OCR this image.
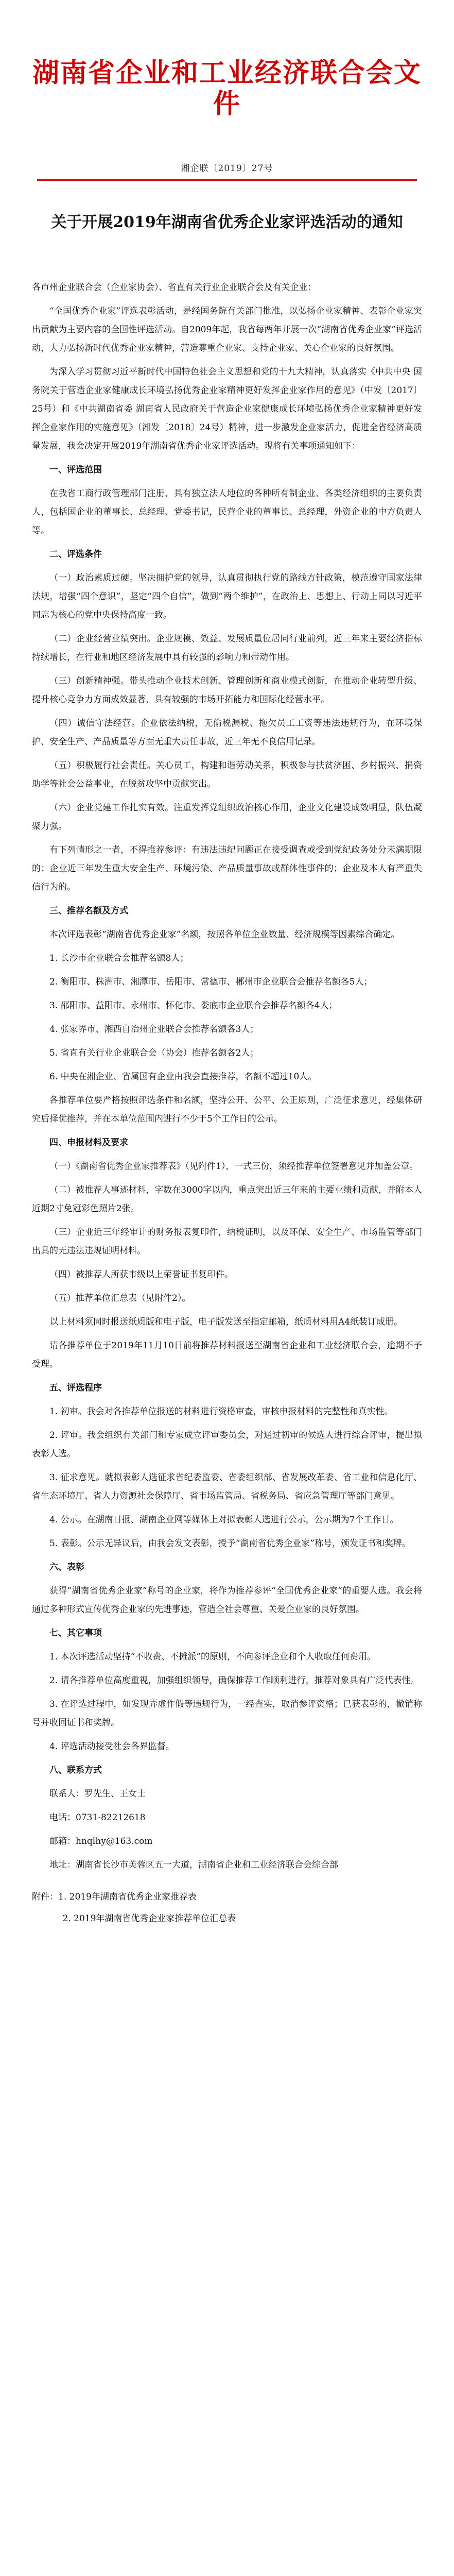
湖南省企业和工业经济联合会文件
湘企联〔2019〕27号
关于开展2019年湖南省优秀企业家评选活动的通知

各市州企业联合会（企业家协会）、省直有关行业企业联合会及有关企业：

“全国优秀企业家”评选表彰活动，是经国务院有关部门批准，以弘扬企业家精神、表彰企业家突出贡献为主要内容的全国性评选活动。自2009年起，我省每两年开展一次“湖南省优秀企业家”评选活动，大力弘扬新时代优秀企业家精神，营造尊重企业家、支持企业家、关心企业家的良好氛围。

为深入学习贯彻习近平新时代中国特色社会主义思想和党的十九大精神，认真落实《中共中央 国务院关于营造企业家健康成长环境弘扬优秀企业家精神更好发挥企业家作用的意见》（中发〔2017〕25号）和《中共湖南省委 湖南省人民政府关于营造企业家健康成长环境弘扬优秀企业家精神更好发挥企业家作用的实施意见》（湘发〔2018〕24号）精神，进一步激发企业家活力，促进全省经济高质量发展，我会决定开展2019年湖南省优秀企业家评选活动。现将有关事项通知如下：

一、评选范围

在我省工商行政管理部门注册，具有独立法人地位的各种所有制企业、各类经济组织的主要负责人，包括国企业的董事长、总经理、党委书记，民营企业的董事长、总经理，外资企业的中方负责人等。

二、评选条件

（一）政治素质过硬。坚决拥护党的领导，认真贯彻执行党的路线方针政策，模范遵守国家法律法规，增强“四个意识”，坚定“四个自信”，做到“两个维护”，在政治上、思想上、行动上同以习近平同志为核心的党中央保持高度一致。

（二）企业经营业绩突出。企业规模、效益、发展质量位居同行业前列，近三年来主要经济指标持续增长，在行业和地区经济发展中具有较强的影响力和带动作用。

（三）创新精神强。带头推动企业技术创新、管理创新和商业模式创新，在推动企业转型升级、提升核心竞争力方面成效显著，具有较强的市场开拓能力和国际化经营水平。

（四）诚信守法经营。企业依法纳税，无偷税漏税、拖欠员工工资等违法违规行为，在环境保护、安全生产、产品质量等方面无重大责任事故，近三年无不良信用记录。

（五）积极履行社会责任。关心员工，构建和谐劳动关系，积极参与扶贫济困、乡村振兴、捐资助学等社会公益事业，在脱贫攻坚中贡献突出。

（六）企业党建工作扎实有效。注重发挥党组织政治核心作用，企业文化建设成效明显，队伍凝聚力强。

有下列情形之一者，不得推荐参评：有违法违纪问题正在接受调查或受到党纪政务处分未满期限的；企业近三年发生重大安全生产、环境污染、产品质量事故或群体性事件的；企业及本人有严重失信行为的。

三、推荐名额及方式

本次评选表彰“湖南省优秀企业家”名额，按照各单位企业数量、经济规模等因素综合确定。

1. 长沙市企业联合会推荐名额8人；

2. 衡阳市、株洲市、湘潭市、岳阳市、常德市、郴州市企业联合会推荐名额各5人；

3. 邵阳市、益阳市、永州市、怀化市、娄底市企业联合会推荐名额各4人；

4. 张家界市、湘西自治州企业联合会推荐名额各3人；

5. 省直有关行业企业联合会（协会）推荐名额各2人；

6. 中央在湘企业、省属国有企业由我会直接推荐，名额不超过10人。

各推荐单位要严格按照评选条件和名额，坚持公开、公平、公正原则，广泛征求意见，经集体研究后择优推荐，并在本单位范围内进行不少于5个工作日的公示。

四、申报材料及要求

（一）《湖南省优秀企业家推荐表》（见附件1），一式三份，须经推荐单位签署意见并加盖公章。

（二）被推荐人事迹材料，字数在3000字以内，重点突出近三年来的主要业绩和贡献，并附本人近期2寸免冠彩色照片2张。

（三）企业近三年经审计的财务报表复印件，纳税证明，以及环保、安全生产、市场监管等部门出具的无违法违规证明材料。

（四）被推荐人所获市级以上荣誉证书复印件。

（五）推荐单位汇总表（见附件2）。

以上材料须同时报送纸质版和电子版，电子版发送至指定邮箱，纸质材料用A4纸装订成册。

请各推荐单位于2019年11月10日前将推荐材料报送至湖南省企业和工业经济联合会，逾期不予受理。

五、评选程序

1. 初审。我会对各推荐单位报送的材料进行资格审查，审核申报材料的完整性和真实性。

2. 评审。我会组织有关部门和专家成立评审委员会，对通过初审的候选人进行综合评审，提出拟表彰人选。

3. 征求意见。就拟表彰人选征求省纪委监委、省委组织部、省发展改革委、省工业和信息化厅、省生态环境厅、省人力资源社会保障厅、省市场监管局、省税务局、省应急管理厅等部门意见。

4. 公示。在湖南日报、湖南企业网等媒体上对拟表彰人选进行公示，公示期为7个工作日。

5. 表彰。公示无异议后，由我会发文表彰，授予“湖南省优秀企业家”称号，颁发证书和奖牌。

六、表彰

获得“湖南省优秀企业家”称号的企业家，将作为推荐参评“全国优秀企业家”的重要人选。我会将通过多种形式宣传优秀企业家的先进事迹，营造全社会尊重、关爱企业家的良好氛围。

七、其它事项

1. 本次评选活动坚持“不收费、不摊派”的原则，不向参评企业和个人收取任何费用。

2. 请各推荐单位高度重视，加强组织领导，确保推荐工作顺利进行，推荐对象具有广泛代表性。

3. 在评选过程中，如发现弄虚作假等违规行为，一经查实，取消参评资格；已获表彰的，撤销称号并收回证书和奖牌。

4. 评选活动接受社会各界监督。

八、联系方式

联系人：罗先生、王女士

电话：0731-82212618

邮箱：hnqlhy@163.com

地址：湖南省长沙市芙蓉区五一大道，湖南省企业和工业经济联合会综合部

附件：1. 2019年湖南省优秀企业家推荐表
2. 2019年湖南省优秀企业家推荐单位汇总表
